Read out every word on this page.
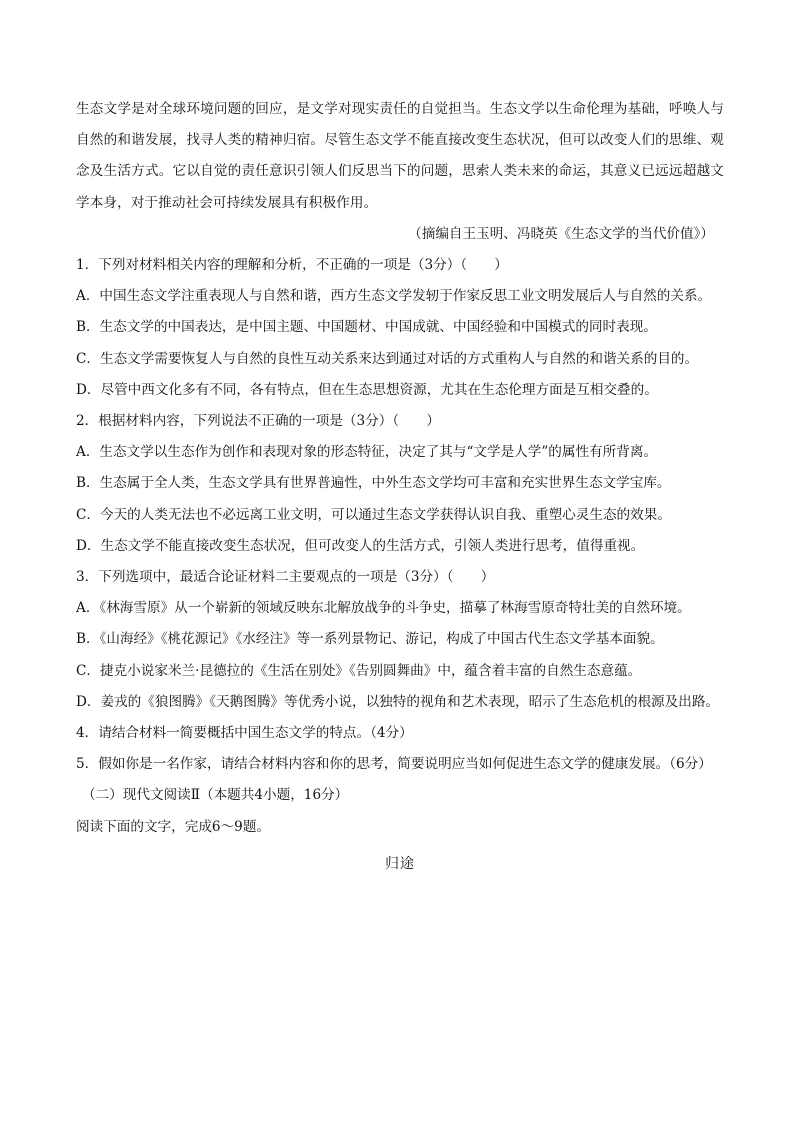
生态文学是对全球环境问题的回应，是文学对现实责任的自觉担当。生态文学以生命伦理为基础，呼唤人与自然的和谐发展，找寻人类的精神归宿。尽管生态文学不能直接改变生态状况，但可以改变人们的思维、观念及生活方式。它以自觉的责任意识引领人们反思当下的问题，思索人类未来的命运，其意义已远远超越文学本身，对于推动社会可持续发展具有积极作用。

（摘编自王玉明、冯晓英《生态文学的当代价值》）

1．下列对材料相关内容的理解和分析，不正确的一项是（3分）（　　）

A．中国生态文学注重表现人与自然和谐，西方生态文学发轫于作家反思工业文明发展后人与自然的关系。

B．生态文学的中国表达，是中国主题、中国题材、中国成就、中国经验和中国模式的同时表现。

C．生态文学需要恢复人与自然的良性互动关系来达到通过对话的方式重构人与自然的和谐关系的目的。

D．尽管中西文化多有不同，各有特点，但在生态思想资源，尤其在生态伦理方面是互相交叠的。

2．根据材料内容，下列说法不正确的一项是（3分）（　　）

A．生态文学以生态作为创作和表现对象的形态特征，决定了其与“文学是人学”的属性有所背离。

B．生态属于全人类，生态文学具有世界普遍性，中外生态文学均可丰富和充实世界生态文学宝库。

C．今天的人类无法也不必远离工业文明，可以通过生态文学获得认识自我、重塑心灵生态的效果。

D．生态文学不能直接改变生态状况，但可改变人的生活方式，引领人类进行思考，值得重视。

3．下列选项中，最适合论证材料二主要观点的一项是（3分）（　　）

A．《林海雪原》从一个崭新的领域反映东北解放战争的斗争史，描摹了林海雪原奇特壮美的自然环境。

B．《山海经》《桃花源记》《水经注》等一系列景物记、游记，构成了中国古代生态文学基本面貌。

C．捷克小说家米兰·昆德拉的《生活在别处》《告别圆舞曲》中，蕴含着丰富的自然生态意蕴。

D．姜戎的《狼图腾》《天鹅图腾》等优秀小说，以独特的视角和艺术表现，昭示了生态危机的根源及出路。

4．请结合材料一简要概括中国生态文学的特点。（4分）

5．假如你是一名作家，请结合材料内容和你的思考，简要说明应当如何促进生态文学的健康发展。（6分）

（二）现代文阅读Ⅱ（本题共4小题，16分）

阅读下面的文字，完成6～9题。

归途
